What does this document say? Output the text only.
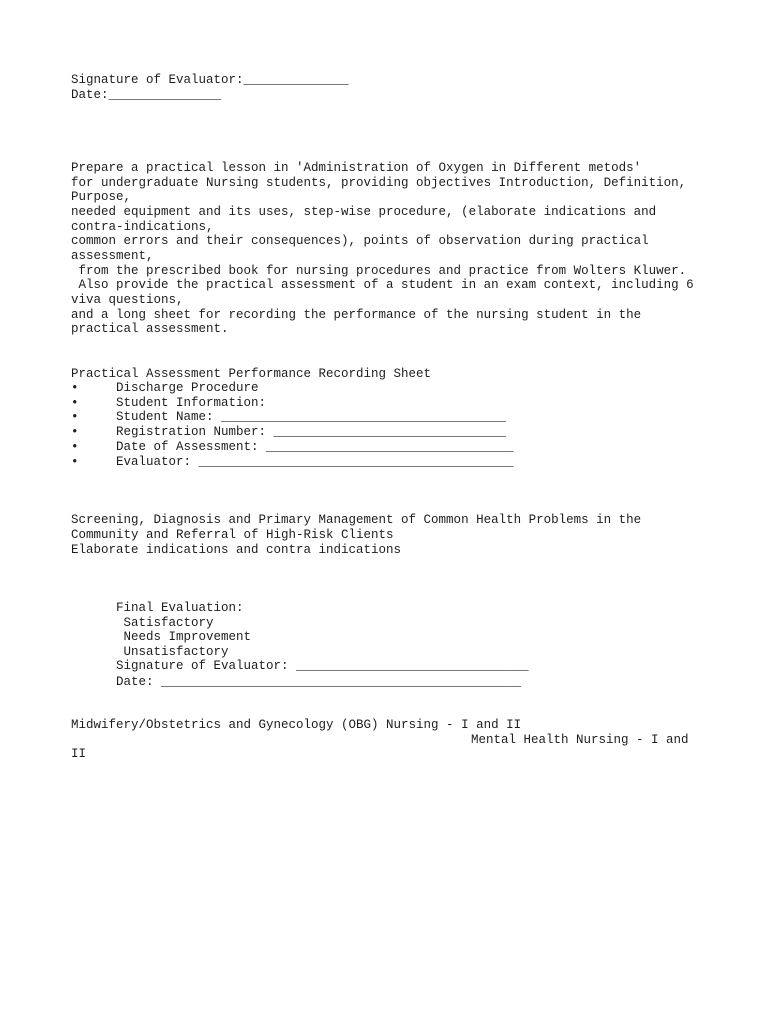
Signature of Evaluator:______________
Date:_______________
Prepare a practical lesson in 'Administration of Oxygen in Different metods'
for undergraduate Nursing students, providing objectives Introduction, Definition,
Purpose,
needed equipment and its uses, step-wise procedure, (elaborate indications and
contra-indications,
common errors and their consequences), points of observation during practical
assessment,
from the prescribed book for nursing procedures and practice from Wolters Kluwer.
Also provide the practical assessment of a student in an exam context, including 6
viva questions,
and a long sheet for recording the performance of the nursing student in the
practical assessment.
Practical Assessment Performance Recording Sheet
•	Discharge Procedure
•	Student Information:
•	Student Name: ______________________________________
•	Registration Number: _______________________________
•	Date of Assessment: _________________________________
•	Evaluator: __________________________________________
Screening, Diagnosis and Primary Management of Common Health Problems in the
Community and Referral of High-Risk Clients
Elaborate indications and contra indications
Final Evaluation:
Satisfactory
Needs Improvement
Unsatisfactory
Signature of Evaluator: _______________________________
Date: ________________________________________________
Midwifery/Obstetrics and Gynecology (OBG) Nursing - I and II
Mental Health Nursing - I and
II
